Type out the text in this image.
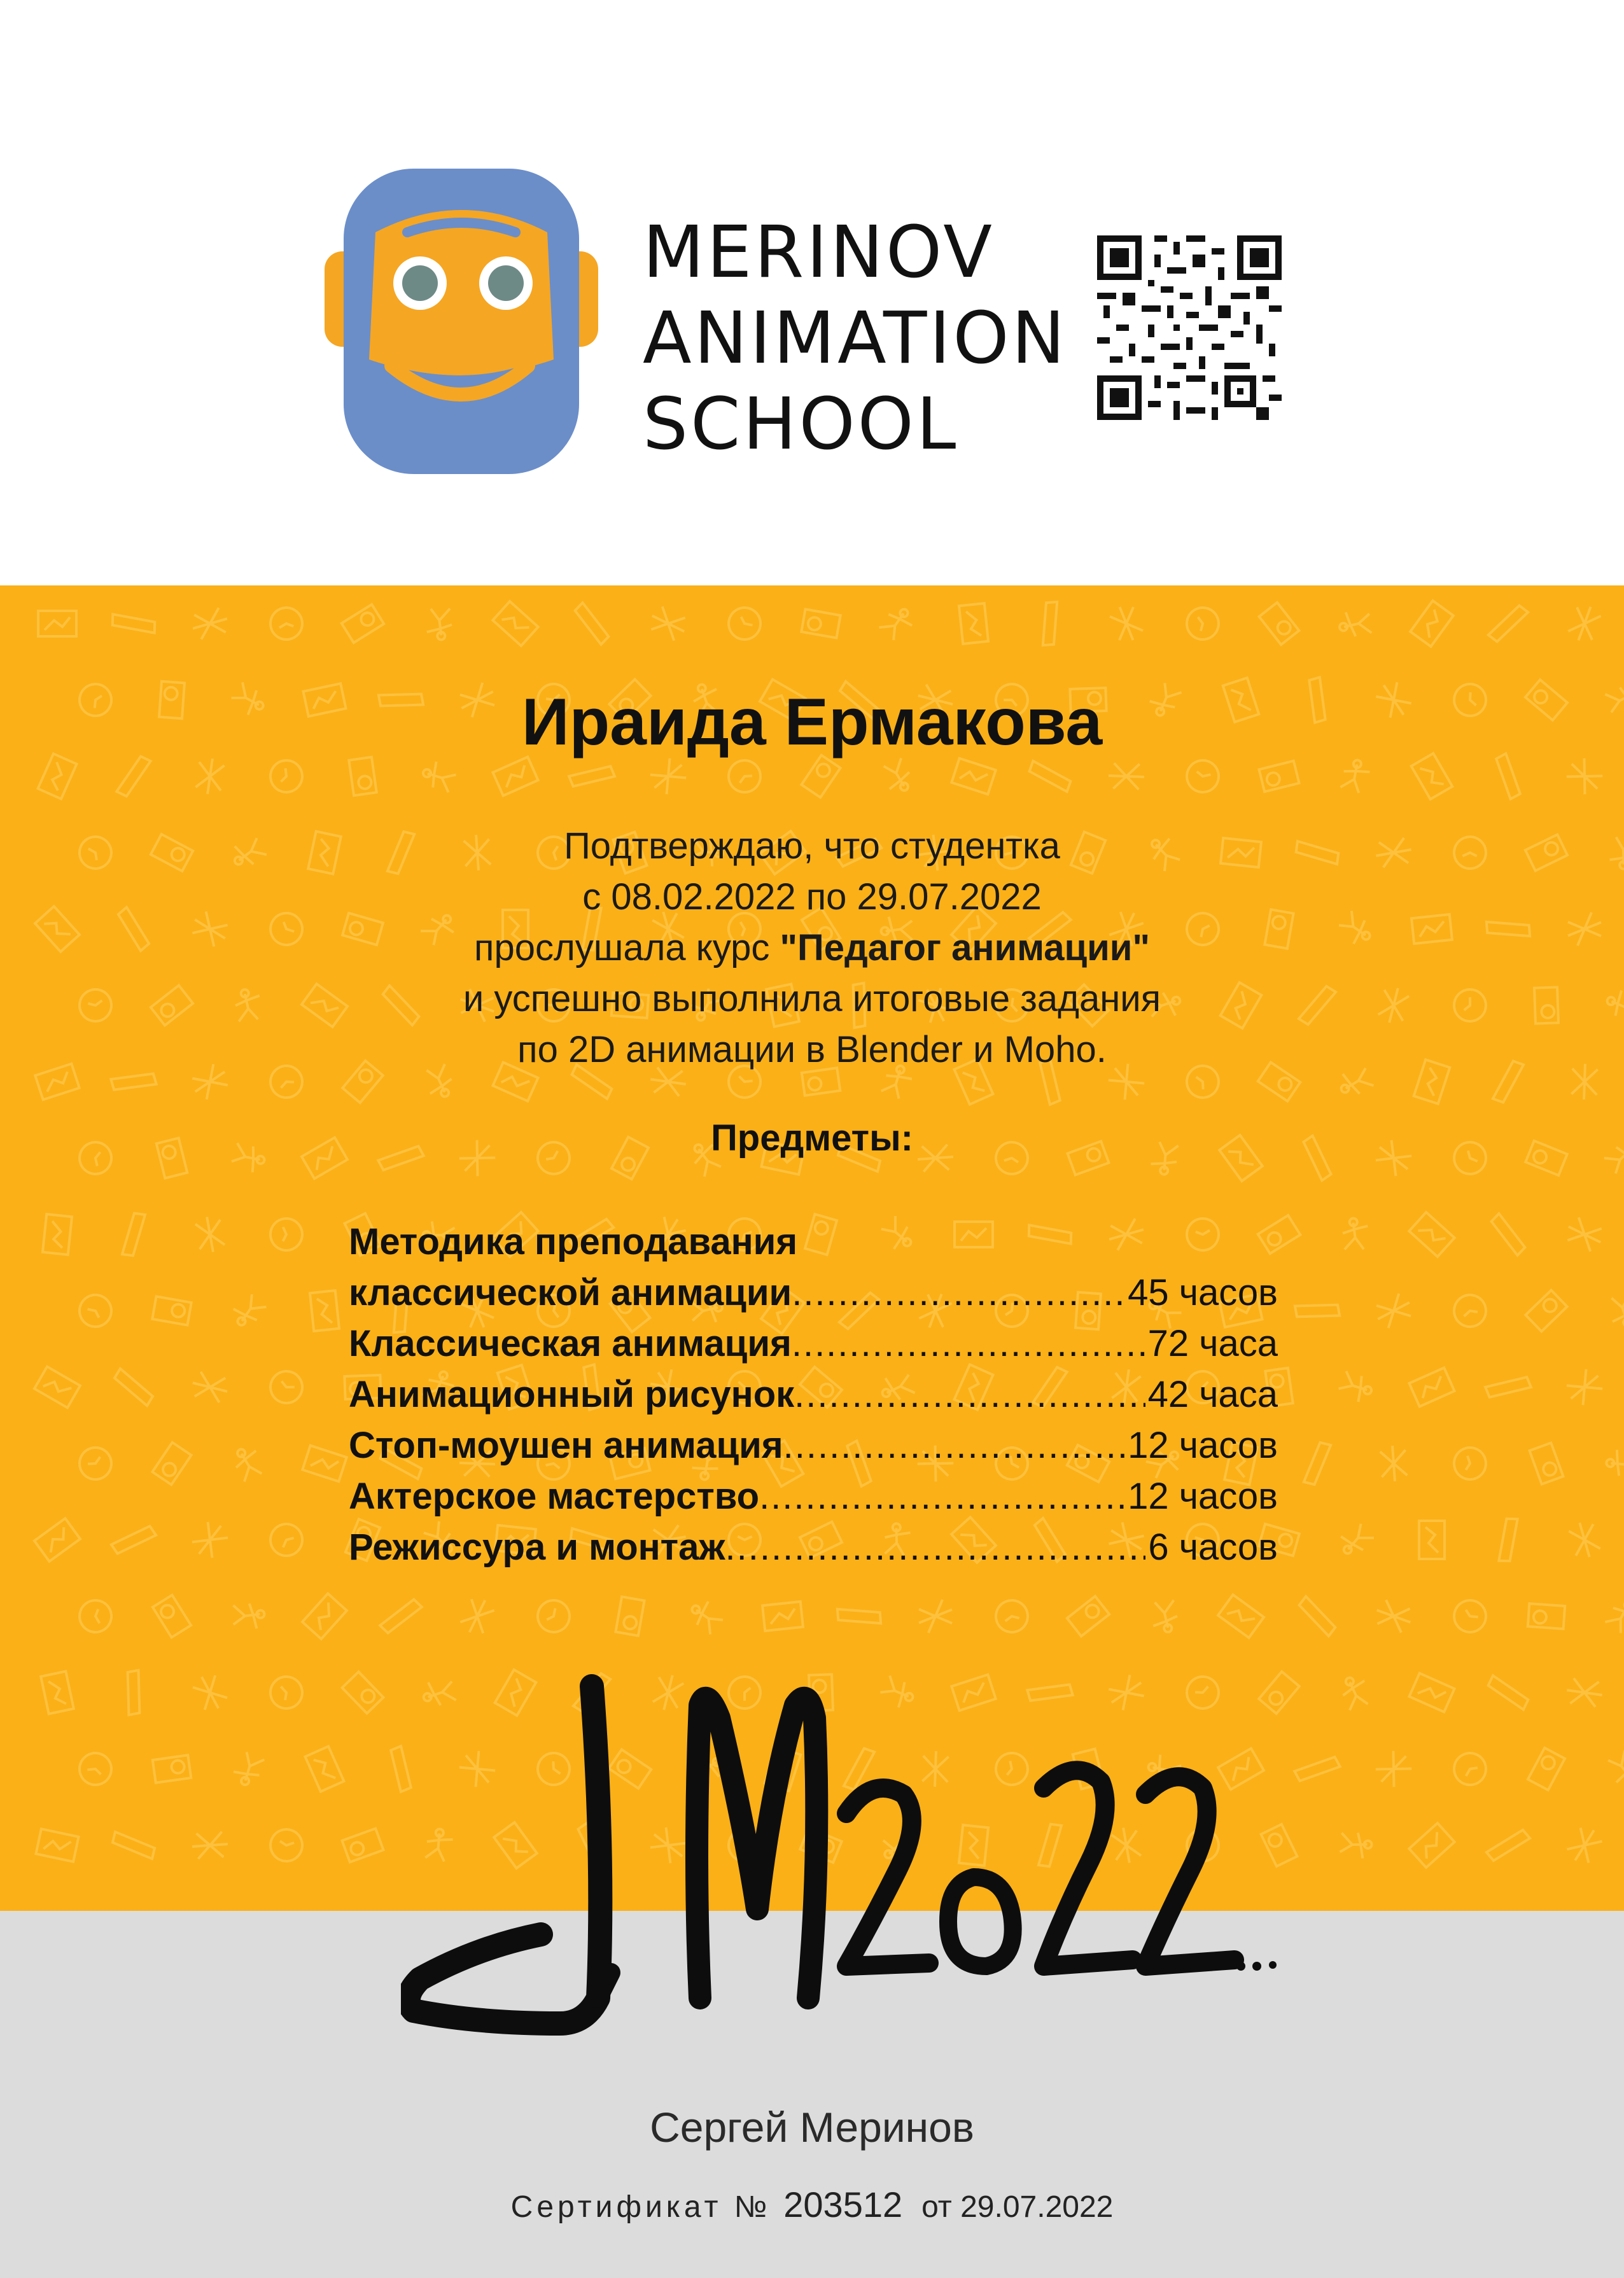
MERINOV
ANIMATION
SCHOOL
Ираида Ермакова
Подтверждаю, что студентка
с 08.02.2022 по 29.07.2022
прослушала курс "Педагог анимации"
и успешно выполнила итоговые задания
по 2D анимации в Blender и Moho.
Предметы:
Методика преподавания
классической анимации .....	45 часов
Классическая анимация .....	72 часа
Анимационный рисунок .....	42 часа
Стоп-моушен анимация .....	12 часов
Актерское мастерство .....	12 часов
Режиссура и монтаж .....	6 часов
Сергей Меринов
Сертификат № 203512 от 29.07.2022
